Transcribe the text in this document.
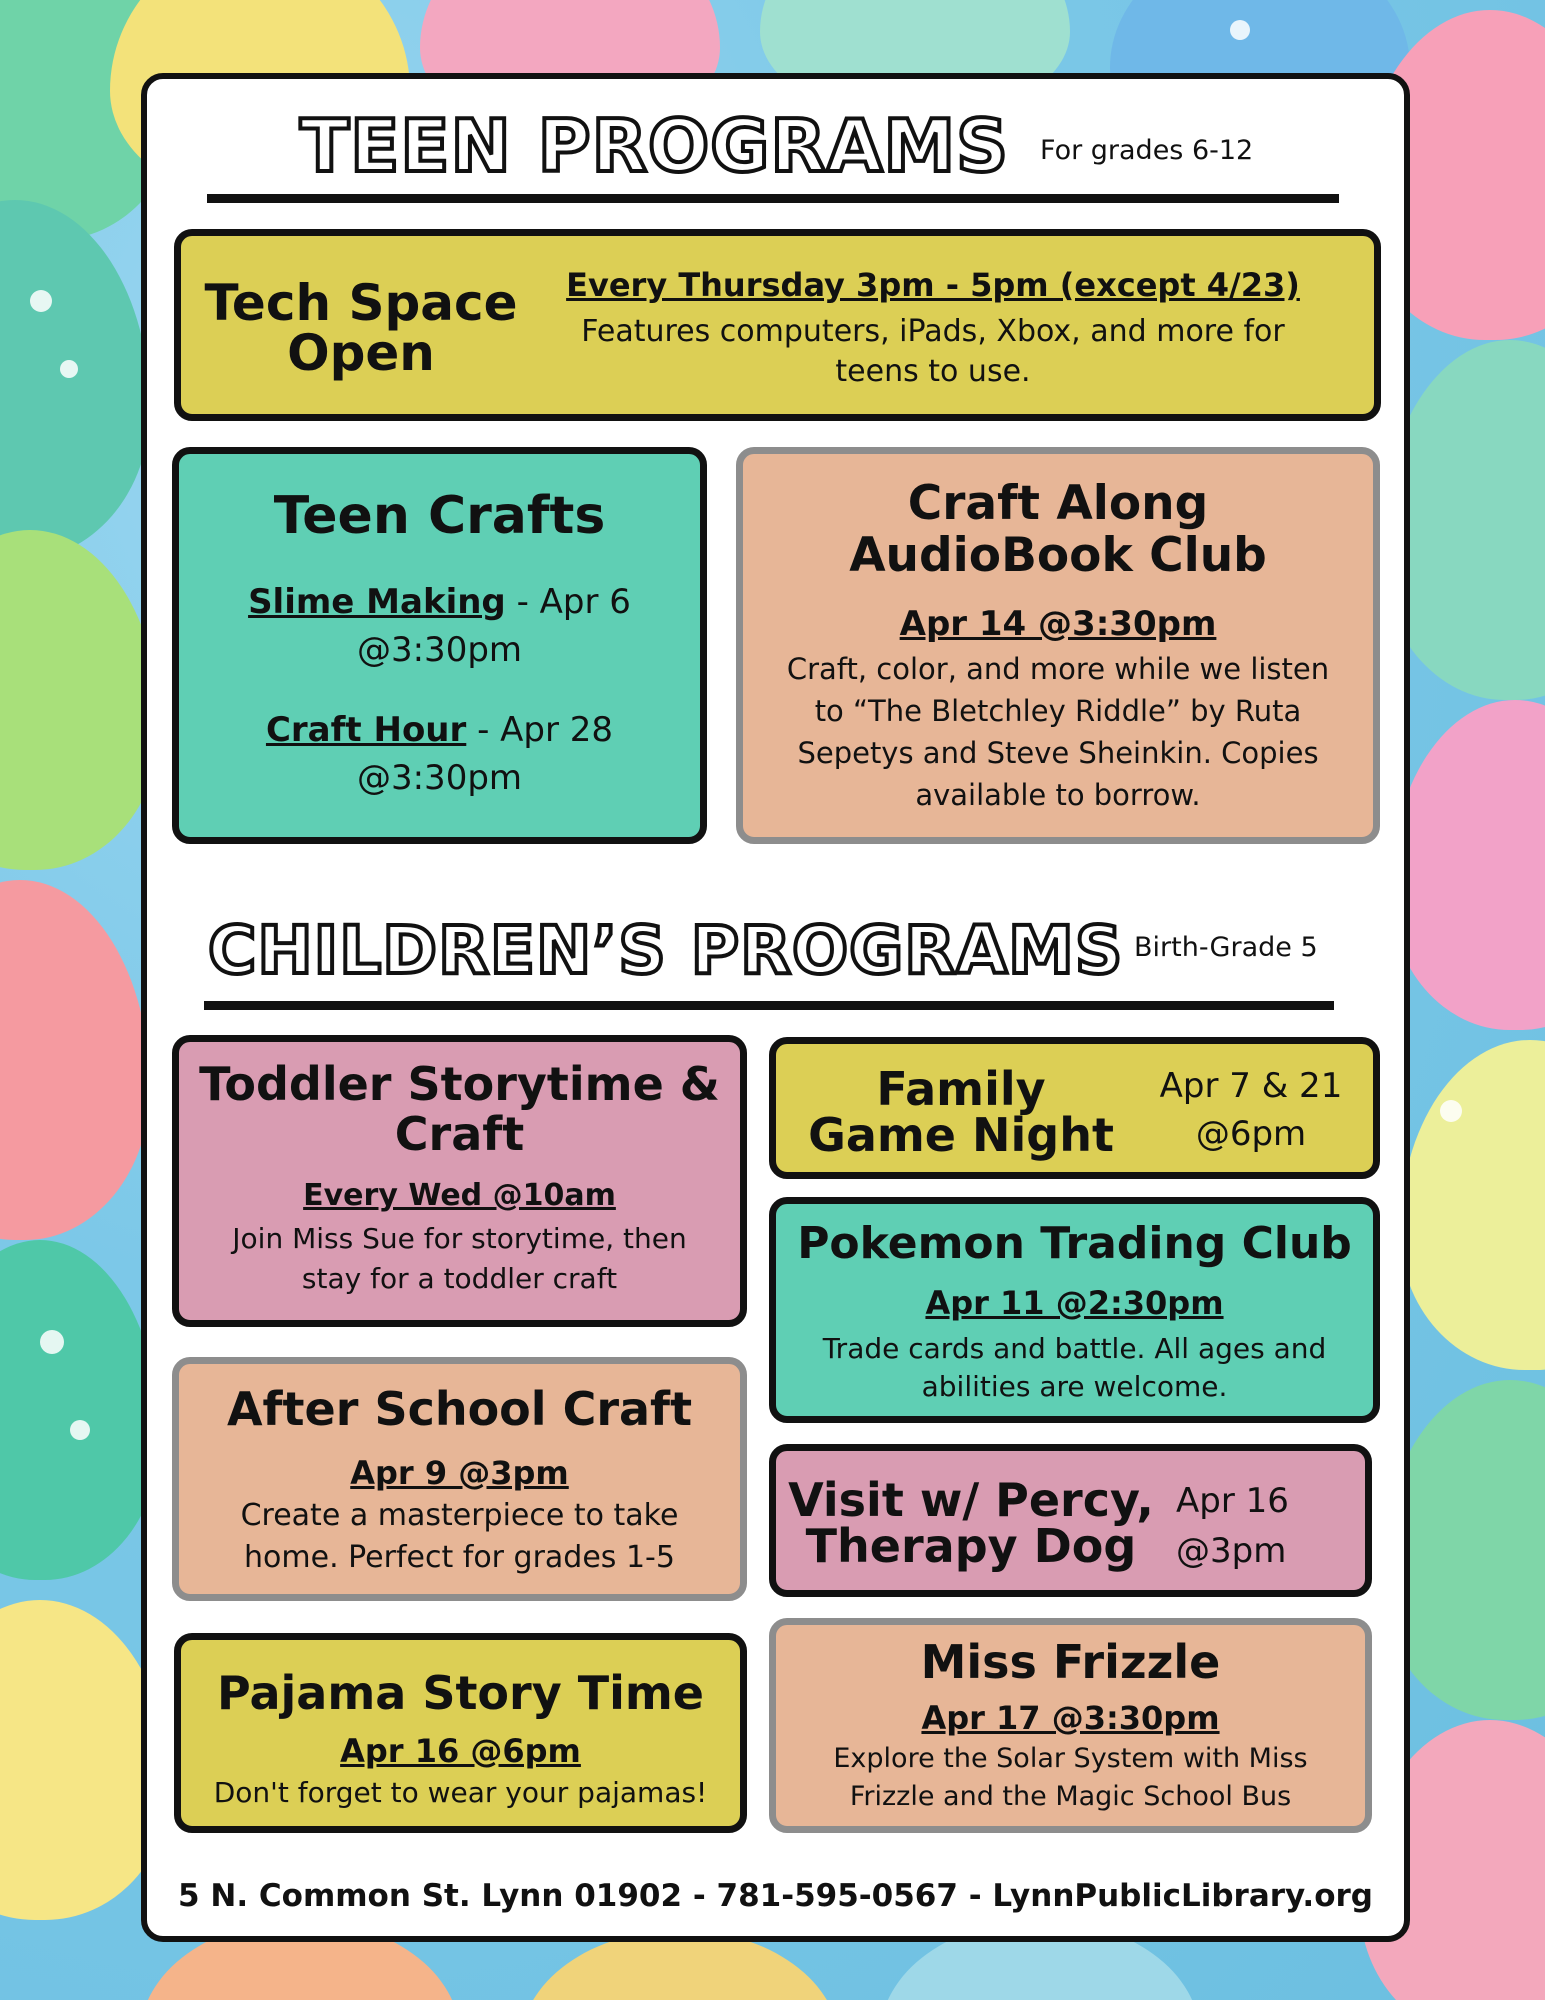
TEEN PROGRAMS For grades 6-12
Tech Space
Open
Every Thursday 3pm - 5pm (except 4/23)
Features computers, iPads, Xbox, and more for
teens to use.
Teen Crafts
Slime Making - Apr 6
@3:30pm
Craft Hour - Apr 28
@3:30pm
Craft Along
AudioBook Club
Apr 14 @3:30pm
Craft, color, and more while we listen
to “The Bletchley Riddle” by Ruta
Sepetys and Steve Sheinkin. Copies
available to borrow.
CHILDREN’S PROGRAMS Birth-Grade 5
Toddler Storytime &
Craft
Every Wed @10am
Join Miss Sue for storytime, then
stay for a toddler craft
Family
Game Night
Apr 7 & 21
@6pm
Pokemon Trading Club
Apr 11 @2:30pm
Trade cards and battle. All ages and
abilities are welcome.
After School Craft
Apr 9 @3pm
Create a masterpiece to take
home. Perfect for grades 1-5
Visit w/ Percy,
Therapy Dog
Apr 16
@3pm
Pajama Story Time
Apr 16 @6pm
Don't forget to wear your pajamas!
Miss Frizzle
Apr 17 @3:30pm
Explore the Solar System with Miss
Frizzle and the Magic School Bus
5 N. Common St. Lynn 01902 - 781-595-0567 - LynnPublicLibrary.org
